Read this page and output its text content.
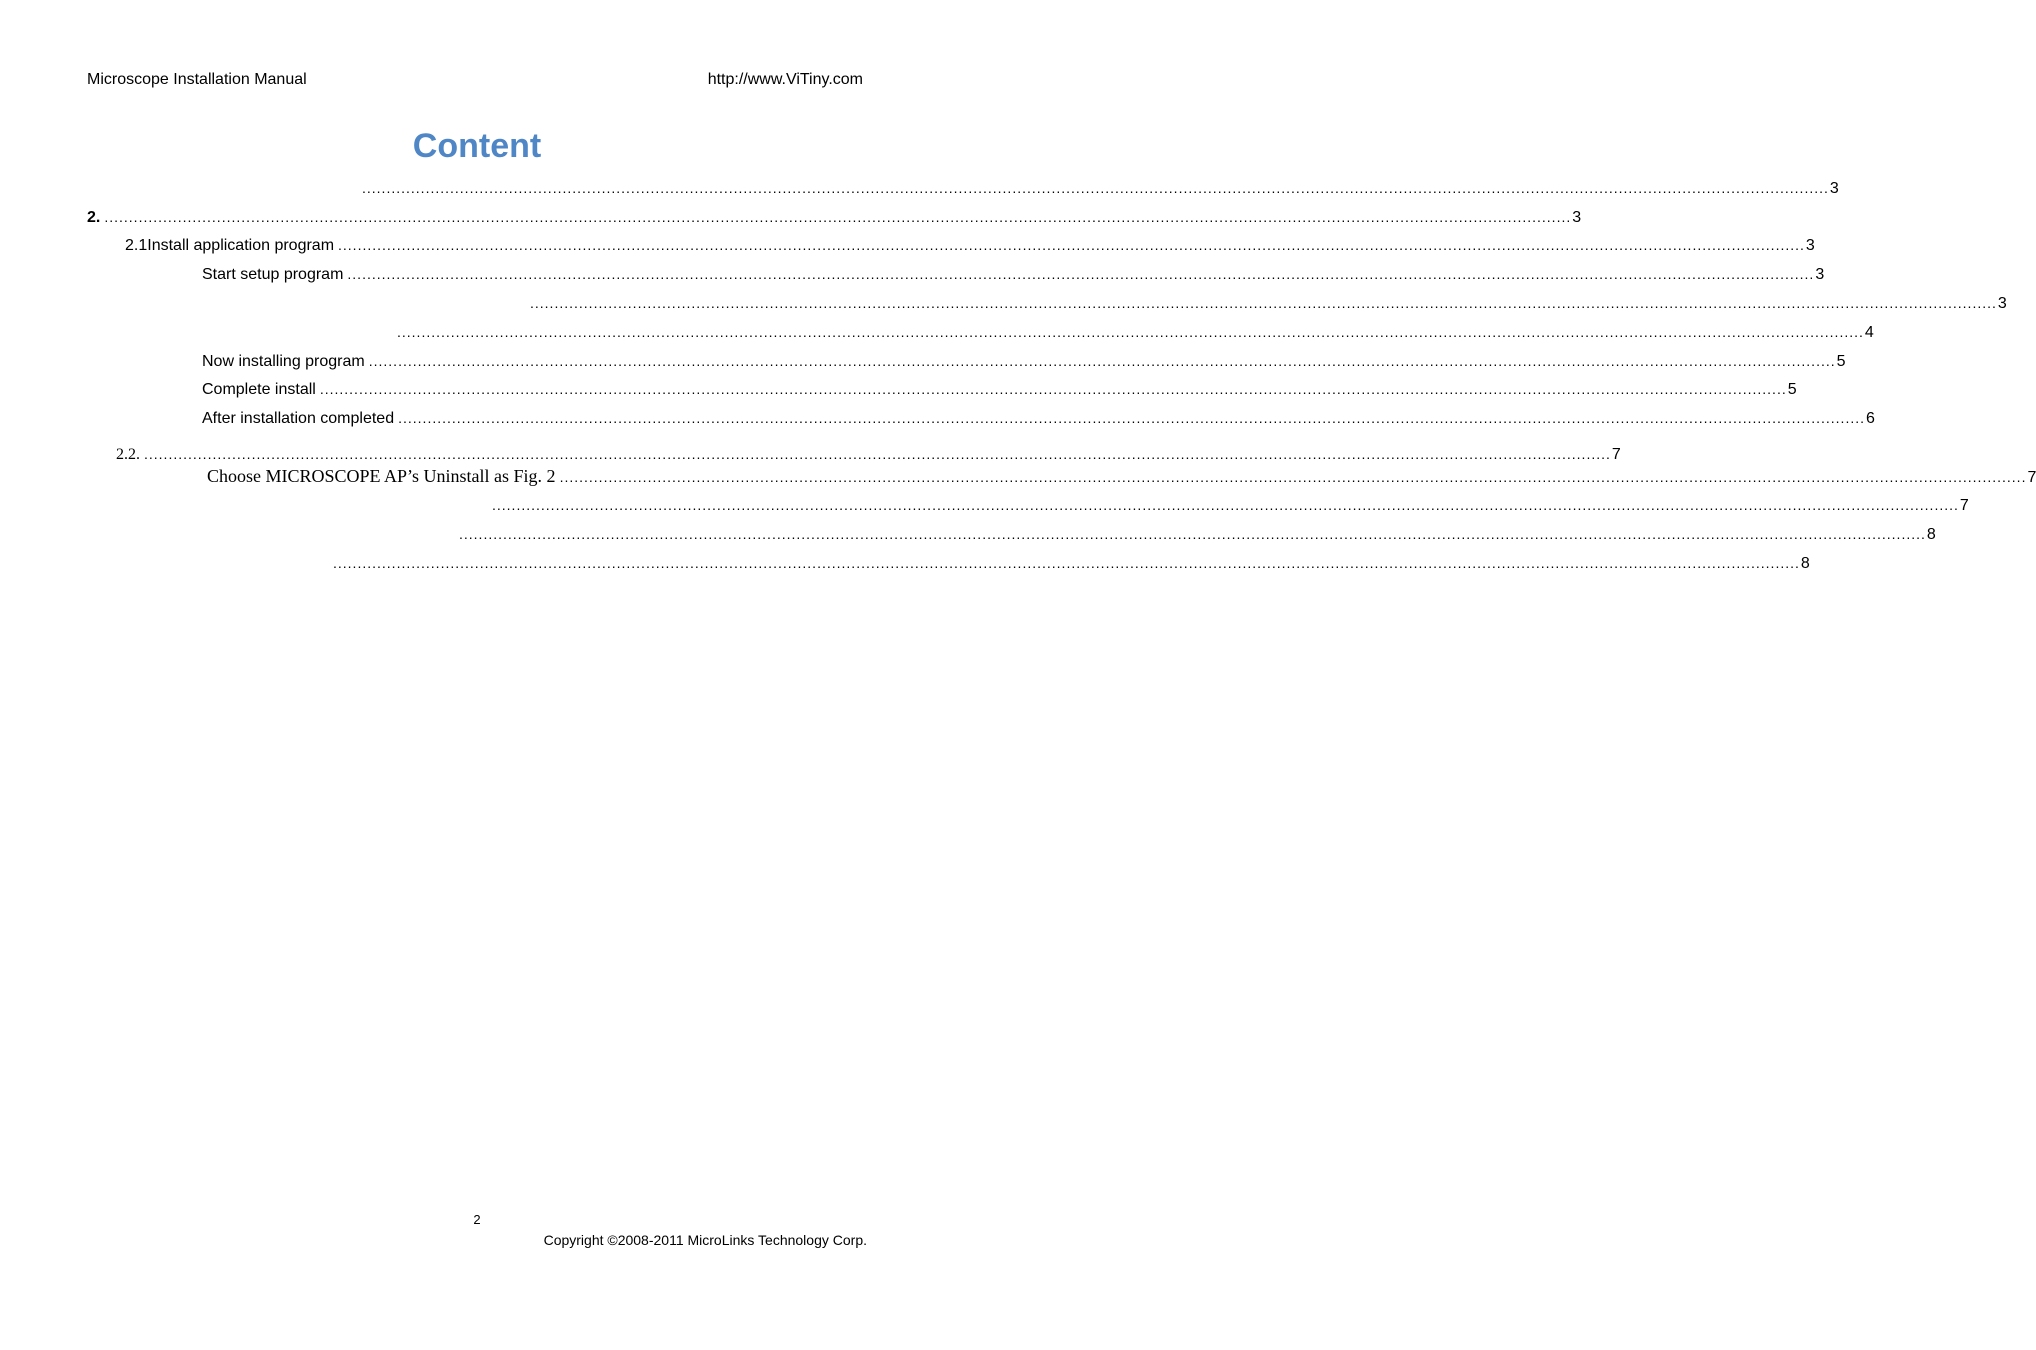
Microscope Installation Manual	http://www.ViTiny.com
Content
............................................................................................................................................................................................................................................................................................................ 3
2. ............................................................................................................................................................................................................................................................................................................ 3
2.1 Install application program ............................................................................................................................................................................................................................................................................................................ 3
Start setup program ............................................................................................................................................................................................................................................................................................................ 3
............................................................................................................................................................................................................................................................................................................ 3
............................................................................................................................................................................................................................................................................................................ 4
Now installing program ............................................................................................................................................................................................................................................................................................................ 5
Complete install ............................................................................................................................................................................................................................................................................................................ 5
After installation completed ............................................................................................................................................................................................................................................................................................................ 6
2.2. ............................................................................................................................................................................................................................................................................................................ 7
Choose MICROSCOPE AP’s Uninstall as Fig. 2 ............................................................................................................................................................................................................................................................................................................ 7
............................................................................................................................................................................................................................................................................................................ 7
............................................................................................................................................................................................................................................................................................................ 8
............................................................................................................................................................................................................................................................................................................ 8
2
Copyright ©2008-2011 MicroLinks Technology Corp.
